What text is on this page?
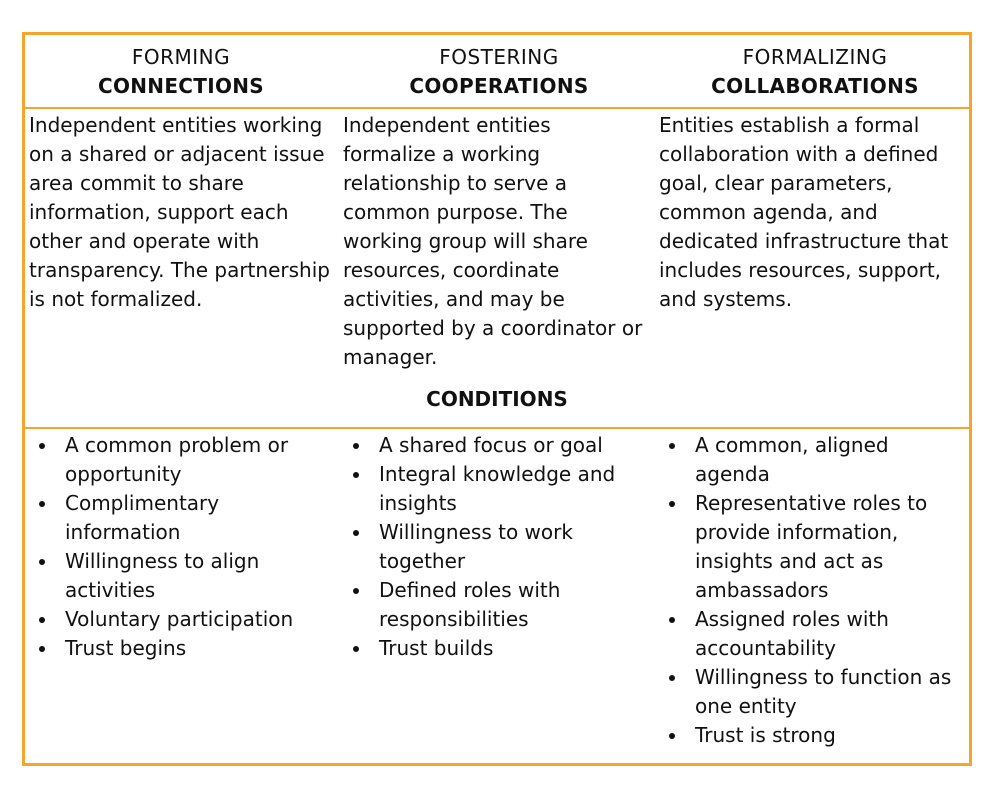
FORMING
CONNECTIONS
FOSTERING
COOPERATIONS
FORMALIZING
COLLABORATIONS

Independent entities working on a shared or adjacent issue area commit to share information, support each other and operate with transparency. The partnership is not formalized.

Independent entities formalize a working relationship to serve a common purpose. The working group will share resources, coordinate activities, and may be supported by a coordinator or manager.

Entities establish a formal collaboration with a defined goal, clear parameters, common agenda, and dedicated infrastructure that includes resources, support, and systems.

CONDITIONS
A common problem or opportunity
Complimentary information
Willingness to align activities
Voluntary participation
Trust begins
A shared focus or goal
Integral knowledge and insights
Willingness to work together
Defined roles with responsibilities
Trust builds
A common, aligned agenda
Representative roles to provide information, insights and act as ambassadors
Assigned roles with accountability
Willingness to function as one entity
Trust is strong
